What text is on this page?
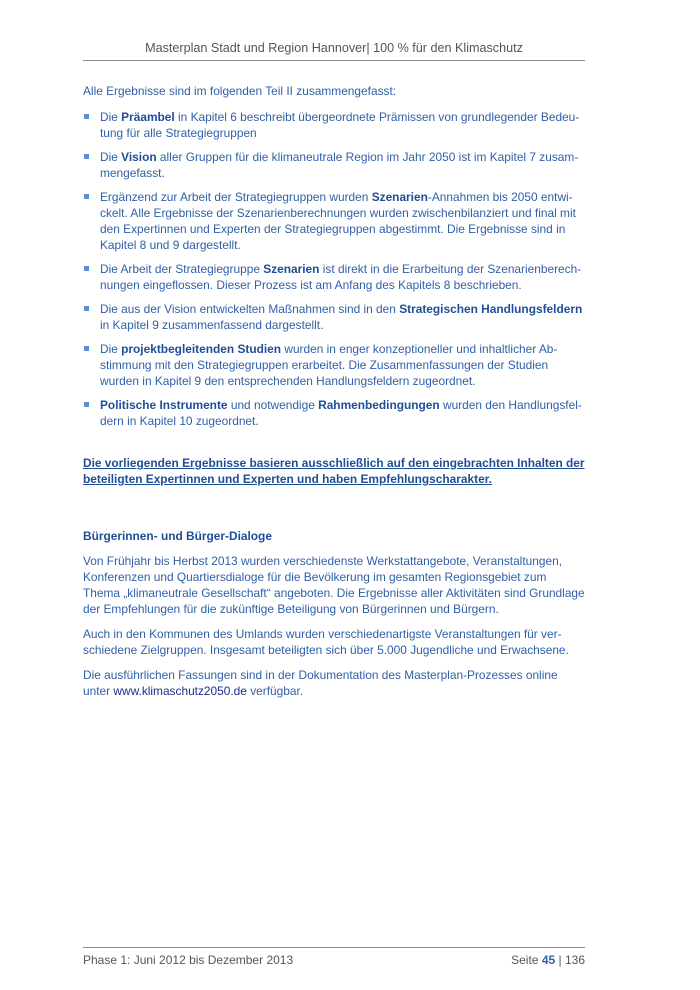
Masterplan Stadt und Region Hannover| 100 % für den Klimaschutz

Alle Ergebnisse sind im folgenden Teil II zusammengefasst:

Die Präambel in Kapitel 6 beschreibt übergeordnete Prämissen von grundlegender Bedeu-tung für alle Strategiegruppen
Die Vision aller Gruppen für die klimaneutrale Region im Jahr 2050 ist im Kapitel 7 zusam-mengefasst.
Ergänzend zur Arbeit der Strategiegruppen wurden Szenarien-Annahmen bis 2050 entwi-ckelt. Alle Ergebnisse der Szenarienberechnungen wurden zwischenbilanziert und final mit den Expertinnen und Experten der Strategiegruppen abgestimmt. Die Ergebnisse sind in Kapitel 8 und 9 dargestellt.
Die Arbeit der Strategiegruppe Szenarien ist direkt in die Erarbeitung der Szenarienberech-nungen eingeflossen. Dieser Prozess ist am Anfang des Kapitels 8 beschrieben.
Die aus der Vision entwickelten Maßnahmen sind in den Strategischen Handlungsfeldern in Kapitel 9 zusammenfassend dargestellt.
Die projektbegleitenden Studien wurden in enger konzeptioneller und inhaltlicher Ab-stimmung mit den Strategiegruppen erarbeitet. Die Zusammenfassungen der Studien wurden in Kapitel 9 den entsprechenden Handlungsfeldern zugeordnet.
Politische Instrumente und notwendige Rahmenbedingungen wurden den Handlungsfel-dern in Kapitel 10 zugeordnet.

Die vorliegenden Ergebnisse basieren ausschließlich auf den eingebrachten Inhalten der beteiligten Expertinnen und Experten und haben Empfehlungscharakter.

Bürgerinnen- und Bürger-Dialoge

Von Frühjahr bis Herbst 2013 wurden verschiedenste Werkstattangebote, Veranstaltungen, Konferenzen und Quartiersdialoge für die Bevölkerung im gesamten Regionsgebiet zum Thema „klimaneutrale Gesellschaft“ angeboten. Die Ergebnisse aller Aktivitäten sind Grundlage der Empfehlungen für die zukünftige Beteiligung von Bürgerinnen und Bürgern.

Auch in den Kommunen des Umlands wurden verschiedenartigste Veranstaltungen für ver-schiedene Zielgruppen. Insgesamt beteiligten sich über 5.000 Jugendliche und Erwachsene.

Die ausführlichen Fassungen sind in der Dokumentation des Masterplan-Prozesses online unter www.klimaschutz2050.de verfügbar.

Phase 1: Juni 2012 bis Dezember 2013	Seite 45 | 136
